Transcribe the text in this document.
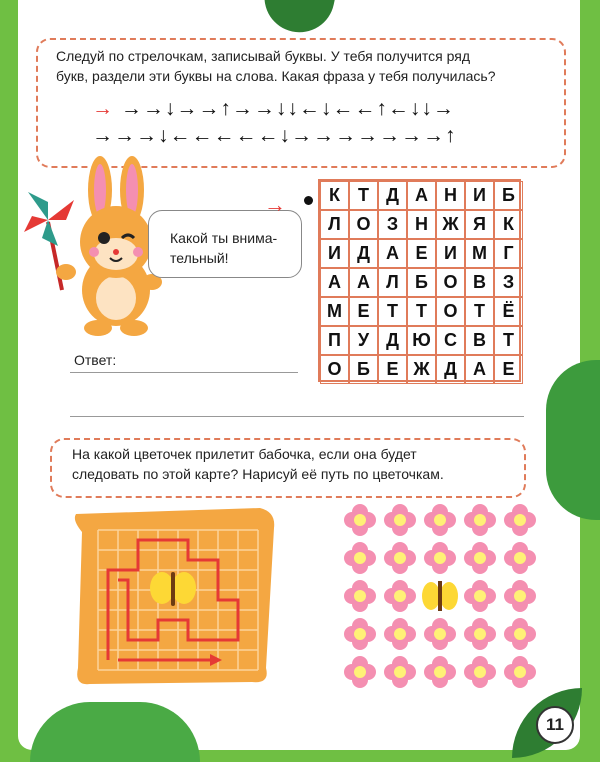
11
Следуй по стрелочкам, записывай буквы. У тебя получится ряд
букв, раздели эти буквы на слова. Какая фраза у тебя получилась?
→ →→↓→→↑→→↓↓←↓←←↑←↓↓→
→→→↓←←←←←↓→→→→→→→↑
Какой ты внима-
тельный!
→	К	Т Д А Н И Б
Л О З Н Ж Я К
И Д А Е И М Г
А А Л Б О В З
М Е Т	Т О Т Ё
П У Д Ю С В Т
О Б Е Ж Д А Е
Ответ:
На какой цветочек прилетит бабочка, если она будет
следовать по этой карте? Нарисуй её путь по цветочкам.
